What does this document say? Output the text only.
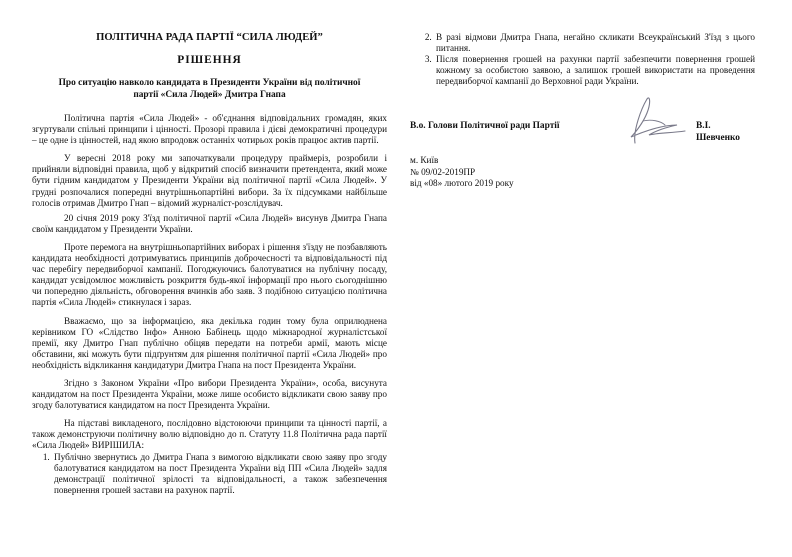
ПОЛІТИЧНА РАДА ПАРТІЇ “СИЛА ЛЮДЕЙ”
РІШЕННЯ
Про ситуацію навколо кандидата в Президенти України від політичної
партії «Сила Людей» Дмитра Гнапа

Політична партія «Сила Людей» - об'єднання відповідальних громадян, яких згуртували спільні принципи і цінності. Прозорі правила і дієві демократичні процедури – це одне із цінностей, над якою впродовж останніх чотирьох років працює актив партії.

У вересні 2018 року ми започаткували процедуру праймеріз, розробили і прийняли відповідні правила, щоб у відкритий спосіб визначити претендента, який може бути гідним кандидатом у Президенти України від політичної партії «Сила Людей». У грудні розпочалися попередні внутрішньопартійні вибори. За їх підсумками найбільше голосів отримав Дмитро Гнап – відомий журналіст-розслідувач.

20 січня 2019 року З'їзд політичної партії «Сила Людей» висунув Дмитра Гнапа своїм кандидатом у Президенти України.

Проте перемога на внутрішньопартійних виборах і рішення з'їзду не позбавляють кандидата необхідності дотримуватись принципів доброчесності та відповідальності під час перебігу передвиборчої кампанії. Погоджуючись балотуватися на публічну посаду, кандидат усвідомлює можливість розкриття будь-якої інформації про нього сьогоднішню чи попередню діяльність, обговорення вчинків або заяв. З подібною ситуацією політична партія «Сила Людей» стикнулася і зараз.

Вважаємо, що за інформацією, яка декілька годин тому була оприлюднена керівником ГО «Слідство Інфо» Анною Бабінець щодо міжнародної журналістської премії, яку Дмитро Гнап публічно обіцяв передати на потреби армії, мають місце обставини, які можуть бути підґрунтям для рішення політичної партії «Сила Людей» про необхідність відкликання кандидатури Дмитра Гнапа на пост Президента України.

Згідно з Законом України «Про вибори Президента України», особа, висунута кандидатом на пост Президента України, може лише особисто відкликати свою заяву про згоду балотуватися кандидатом на пост Президента України.

На підставі викладеного, послідовно відстоюючи принципи та цінності партії, а також демонструючи політичну волю відповідно до п. Статуту 11.8 Політична рада партії «Сила Людей» ВИРІШИЛА:

1. Публічно звернутись до Дмитра Гнапа з вимогою відкликати свою заяву про згоду балотуватися кандидатом на пост Президента України від ПП «Сила Людей» задля демонстрації політичної зрілості та відповідальності, а також забезпечення повернення грошей застави на рахунок партії.
2. В разі відмови Дмитра Гнапа, негайно скликати Всеукраїнський З'їзд з цього питання.
3. Після повернення грошей на рахунки партії забезпечити повернення грошей кожному за особистою заявою, а залишок грошей використати на проведення передвиборчої кампанії до Верховної ради України.
В.о. Голови Політичної ради Партії	В.І. Шевченко
м. Київ
№ 09/02-2019ПР
від «08» лютого 2019 року
